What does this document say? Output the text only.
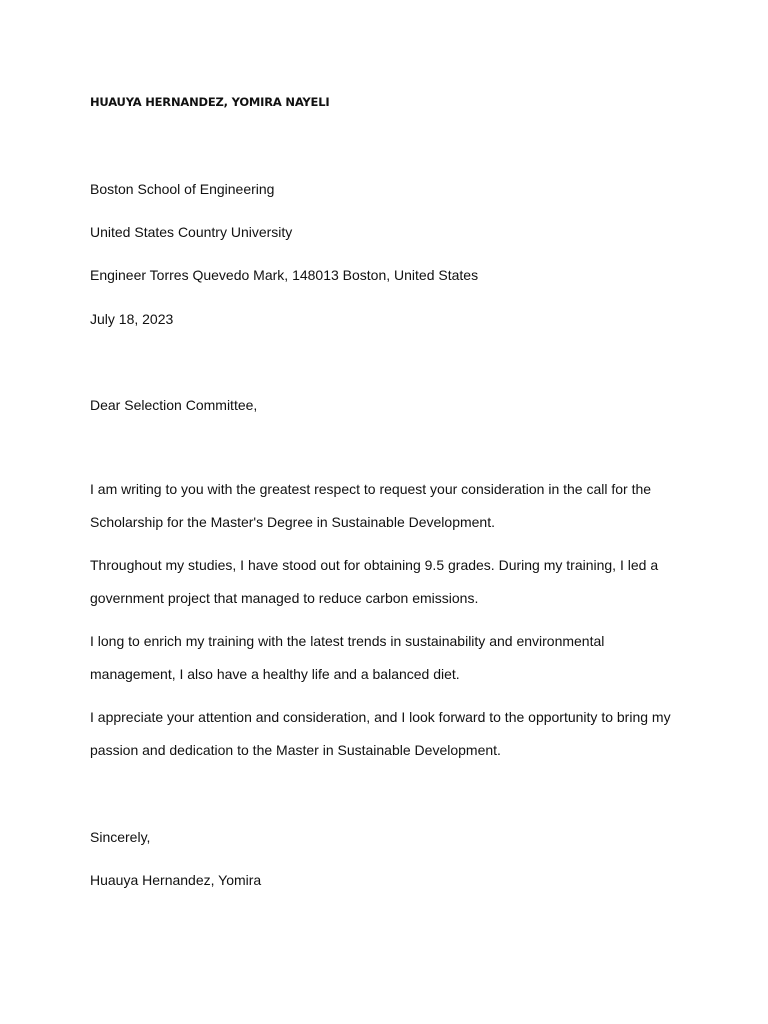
HUAUYA HERNANDEZ, YOMIRA NAYELI

Boston School of Engineering

United States Country University

Engineer Torres Quevedo Mark, 148013 Boston, United States

July 18, 2023

Dear Selection Committee,

I am writing to you with the greatest respect to request your consideration in the call for the Scholarship for the Master's Degree in Sustainable Development.

Throughout my studies, I have stood out for obtaining 9.5 grades. During my training, I led a government project that managed to reduce carbon emissions.

I long to enrich my training with the latest trends in sustainability and environmental management, I also have a healthy life and a balanced diet.

I appreciate your attention and consideration, and I look forward to the opportunity to bring my passion and dedication to the Master in Sustainable Development.

Sincerely,

Huauya Hernandez, Yomira
